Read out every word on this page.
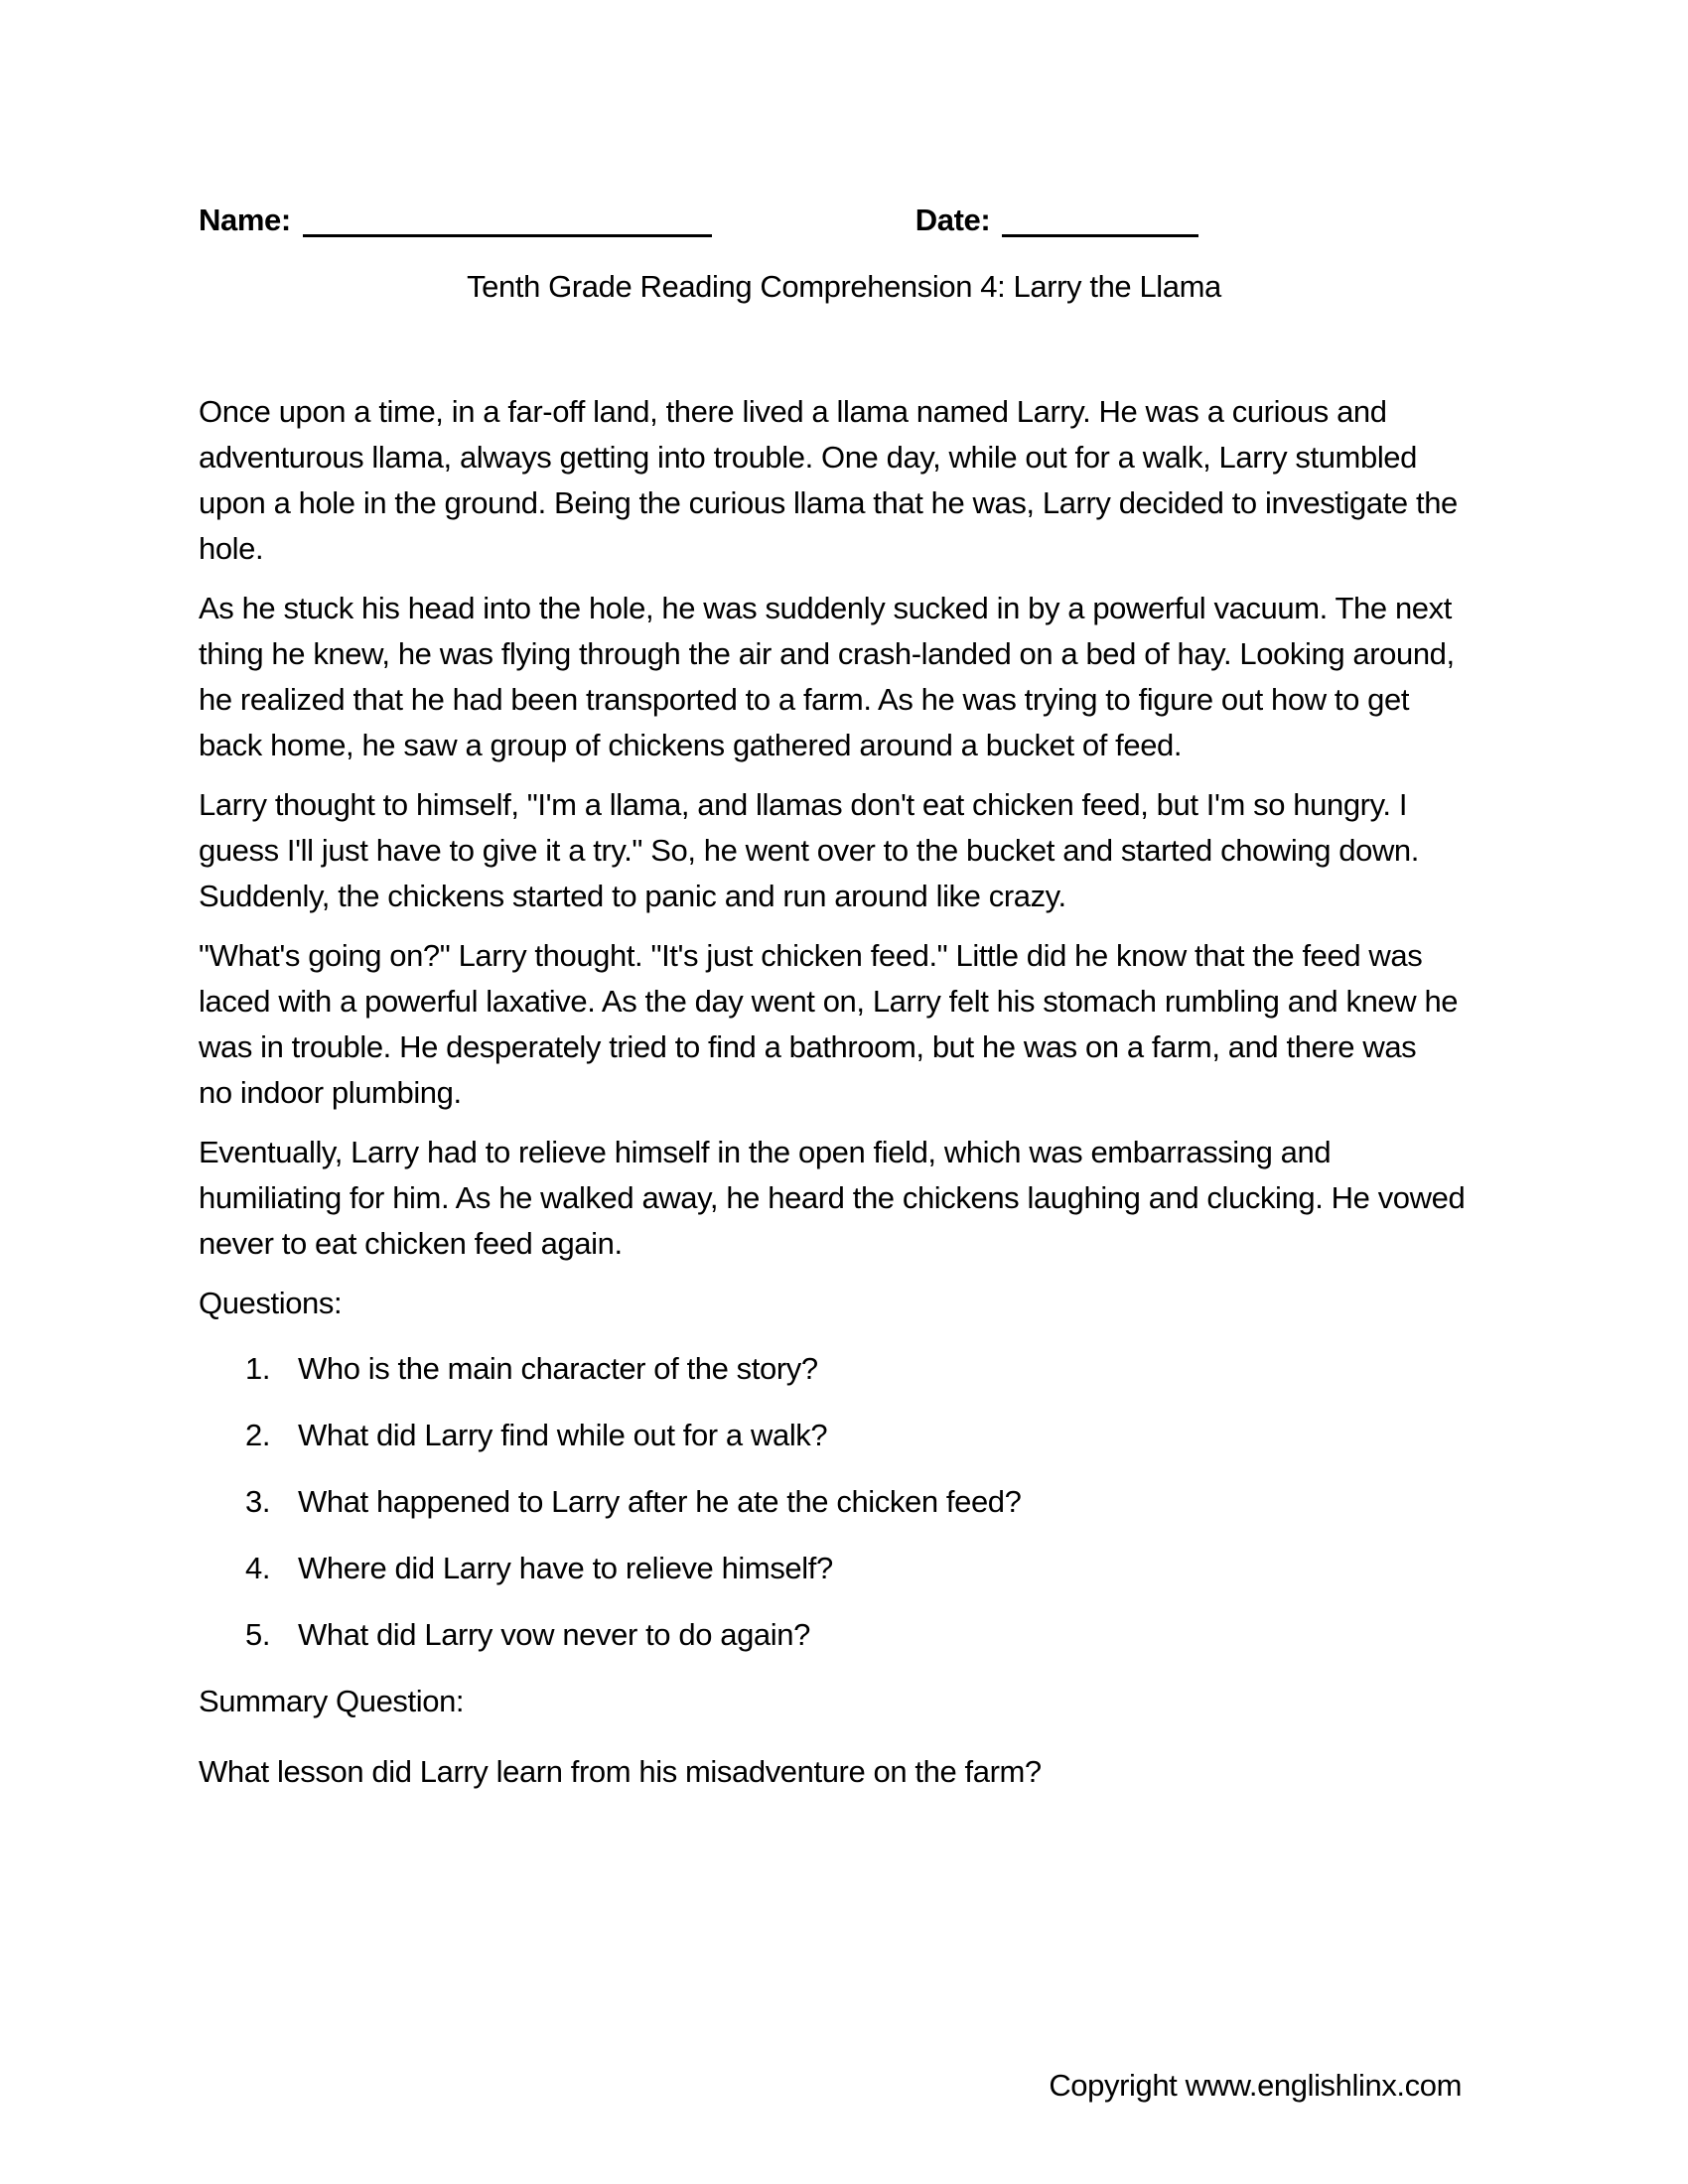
Name:	Date:
Tenth Grade Reading Comprehension 4: Larry the Llama
Once upon a time, in a far-off land, there lived a llama named Larry. He was a curious and
adventurous llama, always getting into trouble. One day, while out for a walk, Larry stumbled
upon a hole in the ground. Being the curious llama that he was, Larry decided to investigate the
hole.
As he stuck his head into the hole, he was suddenly sucked in by a powerful vacuum. The next
thing he knew, he was flying through the air and crash-landed on a bed of hay. Looking around,
he realized that he had been transported to a farm. As he was trying to figure out how to get
back home, he saw a group of chickens gathered around a bucket of feed.
Larry thought to himself, "I'm a llama, and llamas don't eat chicken feed, but I'm so hungry. I
guess I'll just have to give it a try." So, he went over to the bucket and started chowing down.
Suddenly, the chickens started to panic and run around like crazy.
"What's going on?" Larry thought. "It's just chicken feed." Little did he know that the feed was
laced with a powerful laxative. As the day went on, Larry felt his stomach rumbling and knew he
was in trouble. He desperately tried to find a bathroom, but he was on a farm, and there was
no indoor plumbing.
Eventually, Larry had to relieve himself in the open field, which was embarrassing and
humiliating for him. As he walked away, he heard the chickens laughing and clucking. He vowed
never to eat chicken feed again.
Questions:
1. Who is the main character of the story?
2. What did Larry find while out for a walk?
3. What happened to Larry after he ate the chicken feed?
4. Where did Larry have to relieve himself?
5. What did Larry vow never to do again?
Summary Question:
What lesson did Larry learn from his misadventure on the farm?
Copyright www.englishlinx.com
